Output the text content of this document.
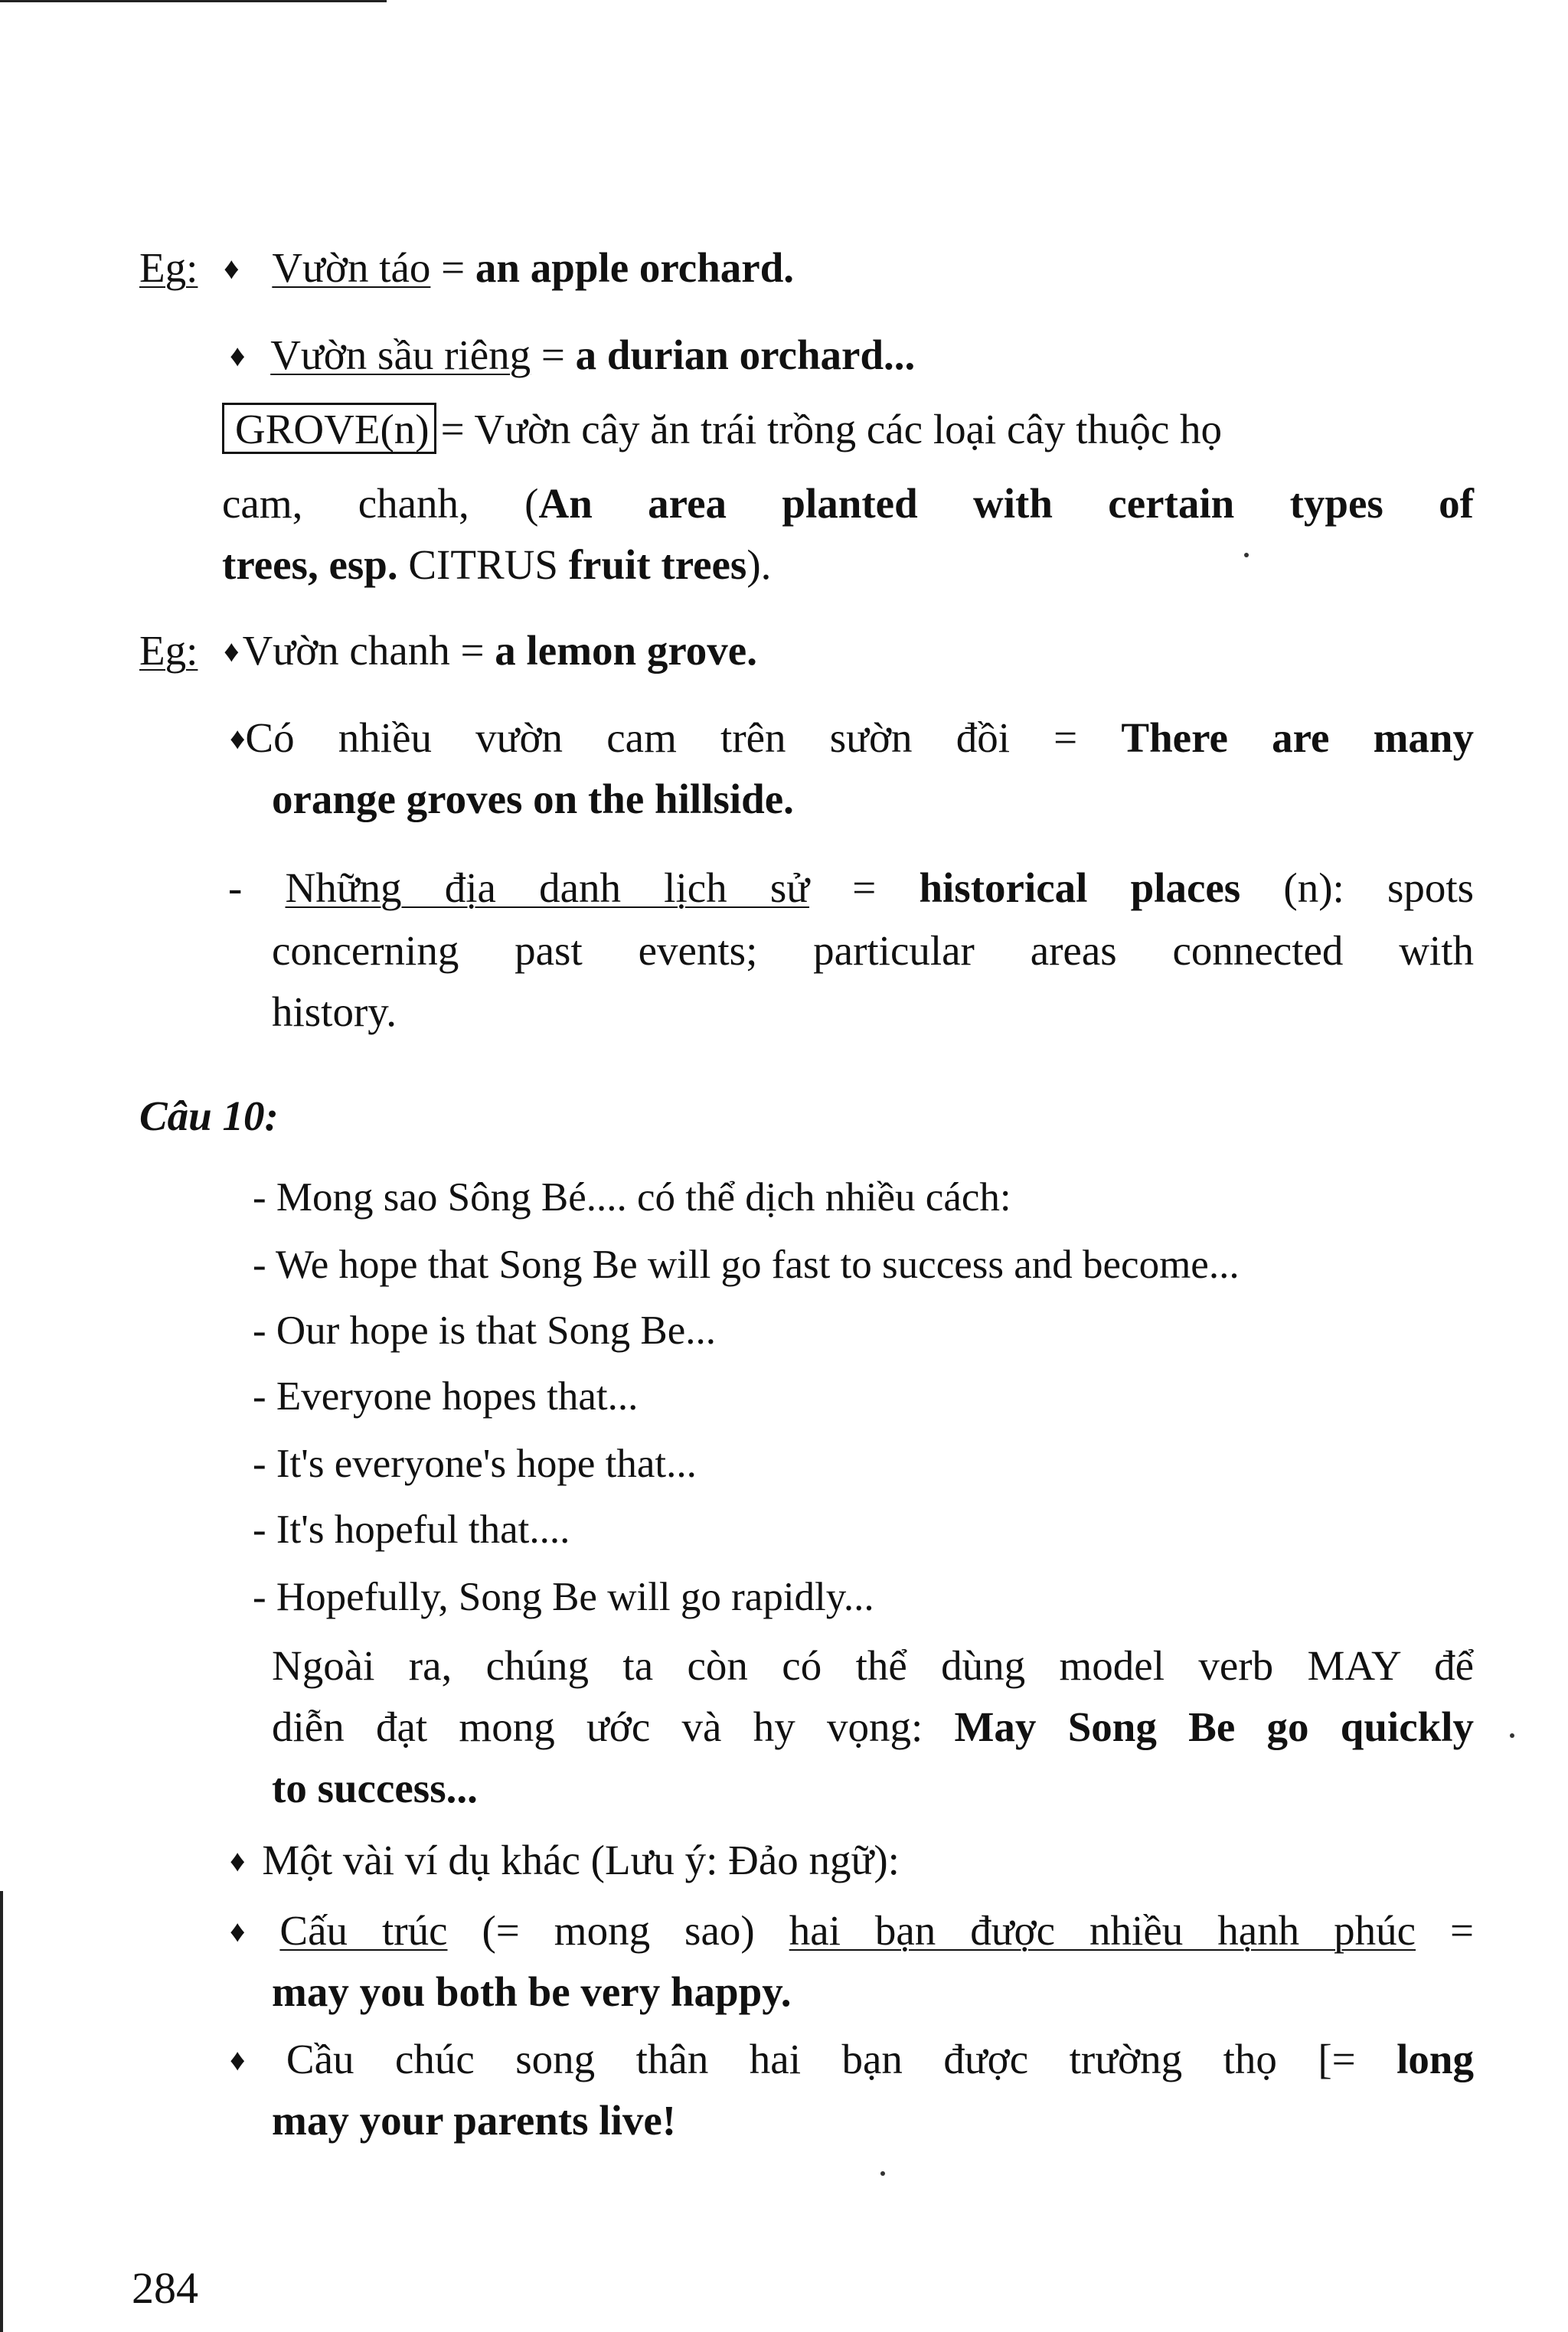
Eg: ♦ Vườn táo = an apple orchard.
♦ Vườn sầu riêng = a durian orchard...
GROVE(n) = Vườn cây ăn trái trồng các loại cây thuộc họ
cam, chanh, (An area planted with certain types of
trees, esp. CITRUS fruit trees).
Eg: ♦Vườn chanh = a lemon grove.
♦Có nhiều vườn cam trên sườn đồi = There are many
orange groves on the hillside.
- Những địa danh lịch sử = historical places (n): spots
concerning past events; particular areas connected with
history.
Câu 10:
- Mong sao Sông Bé.... có thể dịch nhiều cách:
- We hope that Song Be will go fast to success and become...
- Our hope is that Song Be...
- Everyone hopes that...
- It's everyone's hope that...
- It's hopeful that....
- Hopefully, Song Be will go rapidly...
Ngoài ra, chúng ta còn có thể dùng model verb MAY để
diễn đạt mong ước và hy vọng: May Song Be go quickly
to success...
♦ Một vài ví dụ khác (Lưu ý: Đảo ngữ):
♦ Cấu trúc (= mong sao) hai bạn được nhiều hạnh phúc =
may you both be very happy.
♦ Cầu chúc song thân hai bạn được trường thọ [= long
may your parents live!
284
